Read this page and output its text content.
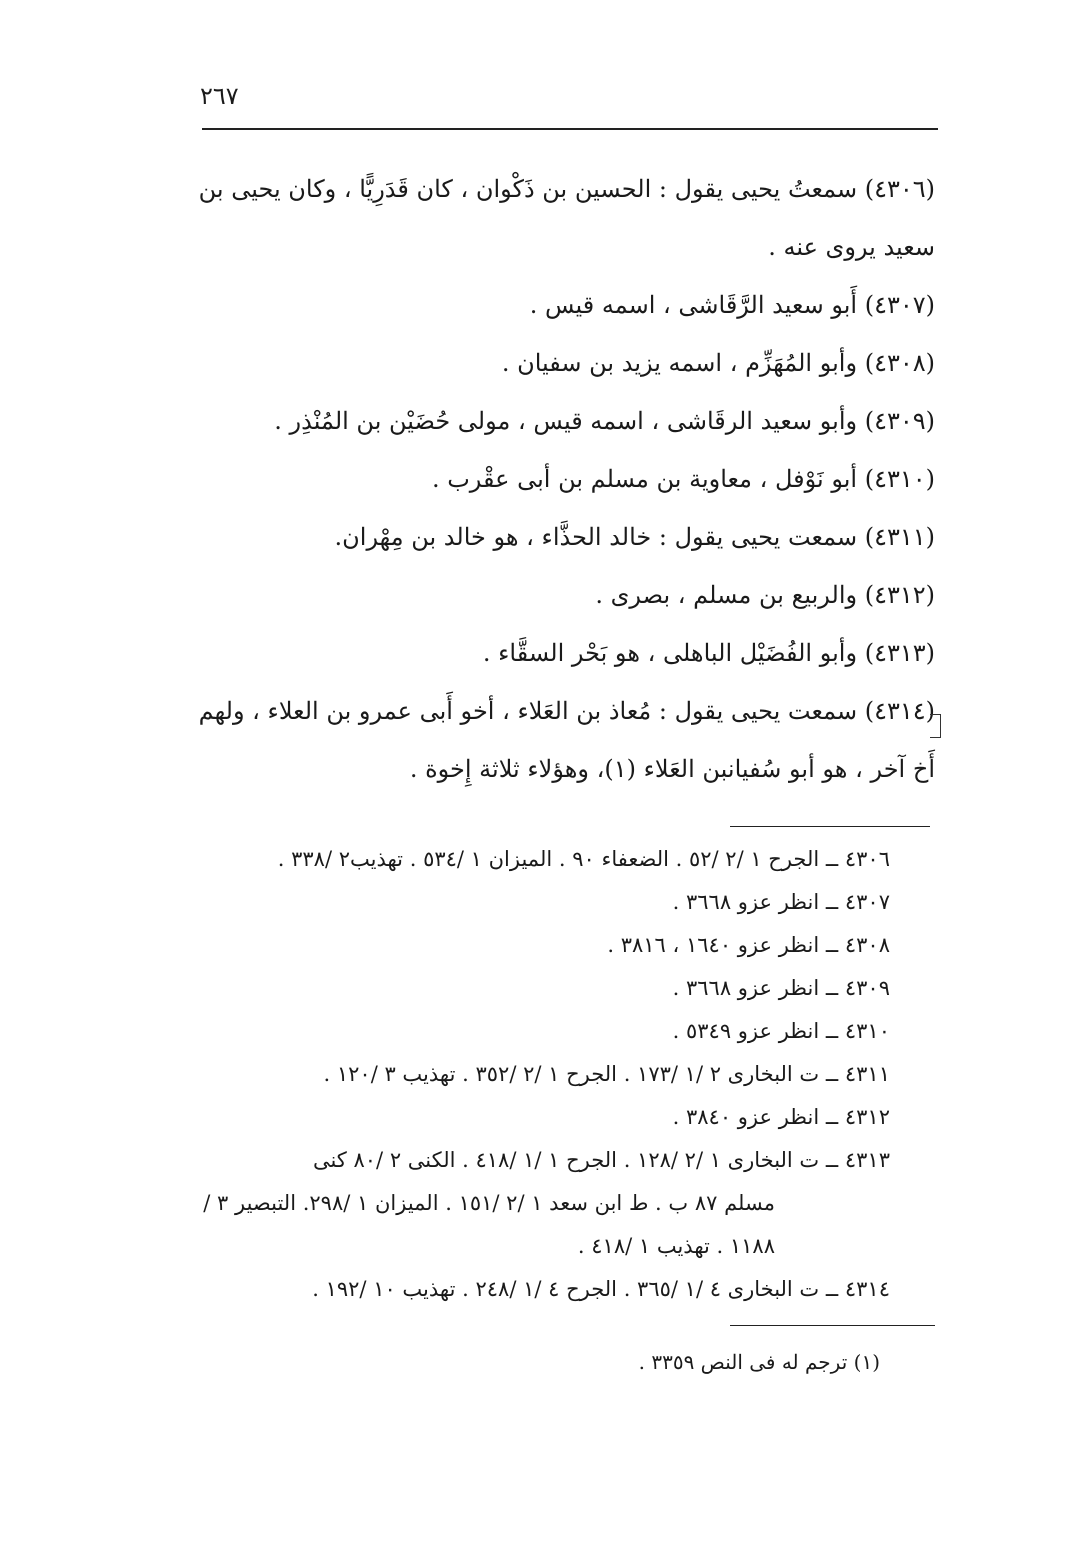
٢٦٧

(٤٣٠٦) سمعتُ يحيى يقول : الحسين بن ذَكْوان ، كان قَدَرِيًّا ، وكان يحيى بن سعيد يروى عنه .

(٤٣٠٧) أَبو سعيد الرَّقَاشى ، اسمه قيس .

(٤٣٠٨) وأبو المُهَزِّم ، اسمه يزيد بن سفيان .

(٤٣٠٩) وأبو سعيد الرقَاشى ، اسمه قيس ، مولى حُضَيْن بن المُنْذِر .

(٤٣١٠) أبو نَوْفل ، معاوية بن مسلم بن أبى عقْرب .

(٤٣١١) سمعت يحيى يقول : خالد الحذَّاء ، هو خالد بن مِهْران.

(٤٣١٢) والربيع بن مسلم ، بصرى .

(٤٣١٣) وأبو الفُضَيْل الباهلى ، هو بَحْر السقَّاء .

(٤٣١٤) سمعت يحيى يقول : مُعاذ بن العَلاء ، أخو أَبى عمرو بن العلاء ، ولهم أَخ آخر ، هو أبو سُفيانبن العَلاء (١)، وهؤلاء ثلاثة إِخوة .

٤٣٠٦ ــ الجرح ١ /٢ /٥٢ . الضعفاء ٩٠ . الميزان ١ /٥٣٤ . تهذيب٢ /٣٣٨ .

٤٣٠٧ ــ انظر عزو ٣٦٦٨ .

٤٣٠٨ ــ انظر عزو ١٦٤٠ ، ٣٨١٦ .

٤٣٠٩ ــ انظر عزو ٣٦٦٨ .

٤٣١٠ ــ انظر عزو ٥٣٤٩ .

٤٣١١ ــ ت البخارى ٢ /١ /١٧٣ . الجرح ١ /٢ /٣٥٢ . تهذيب ٣ /١٢٠ .

٤٣١٢ ــ انظر عزو ٣٨٤٠ .

٤٣١٣ ــ ت البخارى ١ /٢ /١٢٨ . الجرح ١ /١ /٤١٨ . الكنى ٢ /٨٠ كنى
مسلم ٨٧ ب . ط ابن سعد ١ /٢ /١٥١ . الميزان ١ /٢٩٨. التبصير ٣ /١١٨٨ . تهذيب ١ /٤١٨ .

٤٣١٤ ــ ت البخارى ٤ /١ /٣٦٥ . الجرح ٤ /١ /٢٤٨ . تهذيب ١٠ /١٩٢ .

(١) ترجم له فى النص ٣٣٥٩ .
